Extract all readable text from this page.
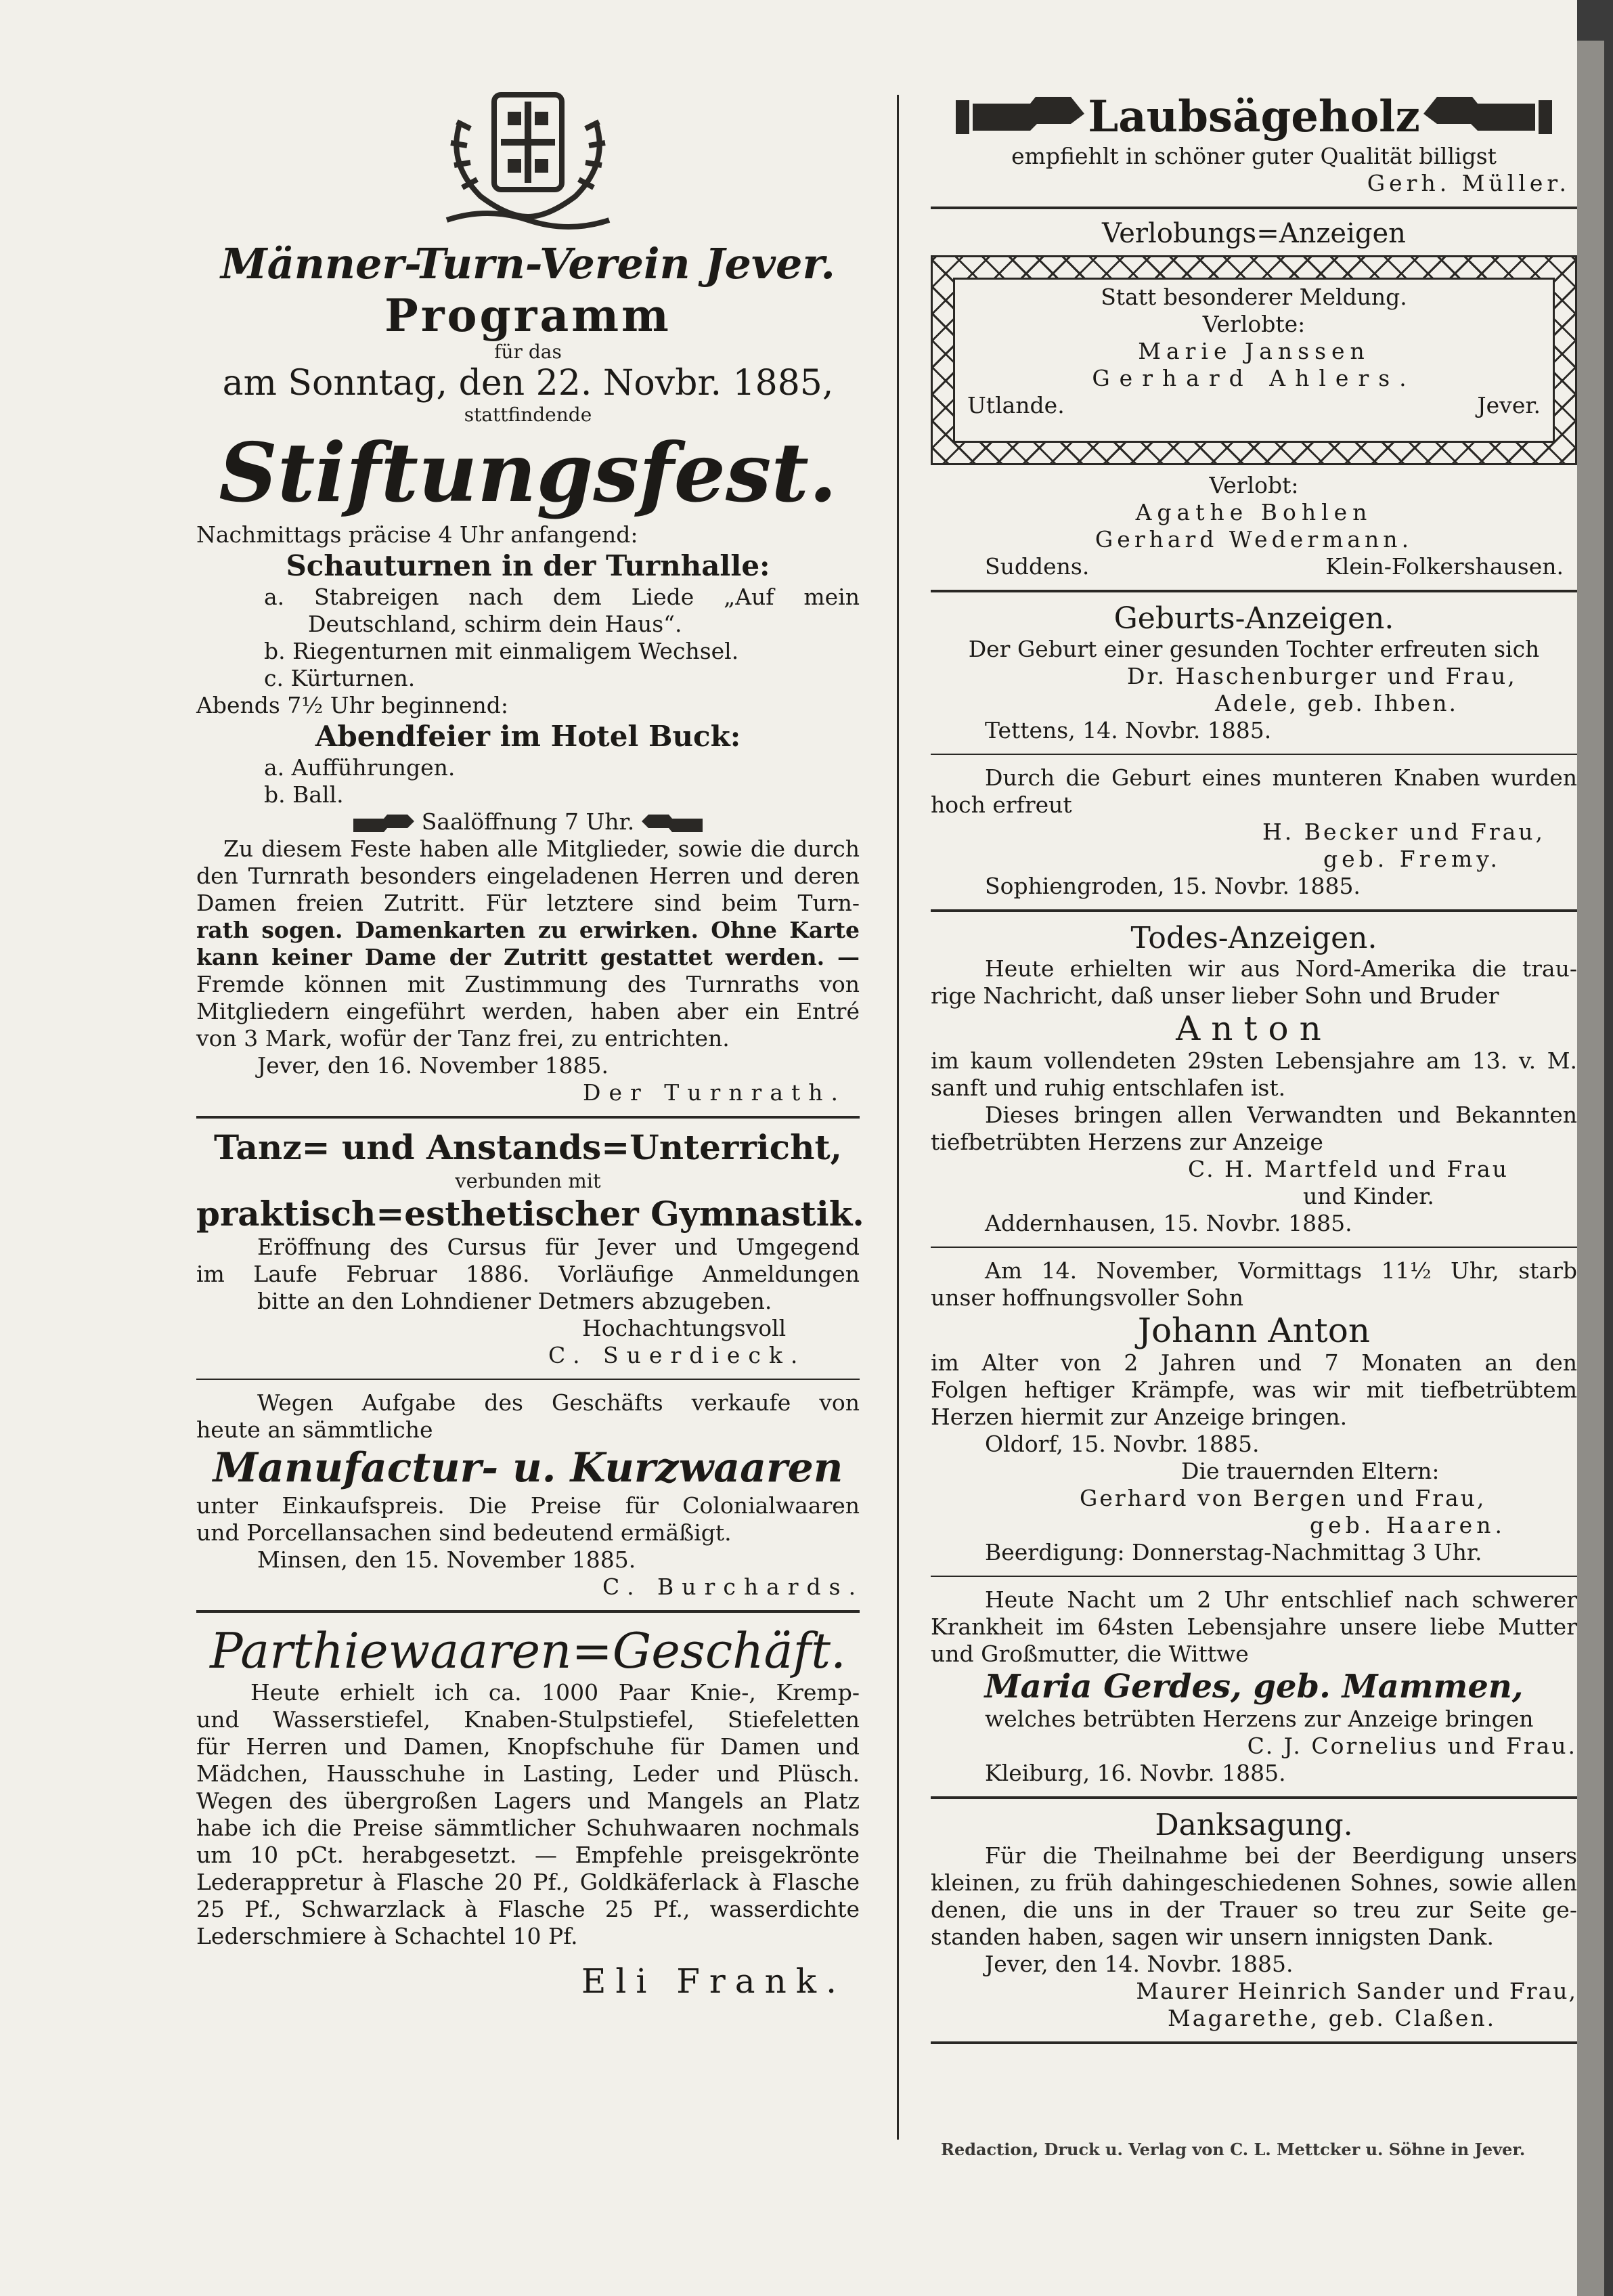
Männer-Turn-Verein Jever.
Programm
für das
am Sonntag, den 22. Novbr. 1885,
stattfindende
Stiftungsfest.
Nachmittags präcise 4 Uhr anfangend:
Schauturnen in der Turnhalle:
a. Stabreigen nach dem Liede „Auf mein
Deutschland, schirm dein Haus“.
b. Riegenturnen mit einmaligem Wechsel.
c. Kürturnen.
Abends 7½ Uhr beginnend:
Abendfeier im Hotel Buck:
a. Aufführungen.
b. Ball.
Saalöffnung 7 Uhr.
Zu diesem Feste haben alle Mitglieder, sowie die durch
den Turnrath besonders eingeladenen Herren und deren
Damen freien Zutritt. Für letztere sind beim Turn-
rath sogen. Damenkarten zu erwirken. Ohne Karte
kann keiner Dame der Zutritt gestattet werden. —
Fremde können mit Zustimmung des Turnraths von
Mitgliedern eingeführt werden, haben aber ein Entré
von 3 Mark, wofür der Tanz frei, zu entrichten.
Jever, den 16. November 1885.
Der Turnrath.
Tanz= und Anstands=Unterricht,
verbunden mit
praktisch=esthetischer Gymnastik.
Eröffnung des Cursus für Jever und Umgegend
im Laufe Februar 1886. Vorläufige Anmeldungen
bitte an den Lohndiener Detmers abzugeben.
Hochachtungsvoll
C. Suerdieck.
Wegen Aufgabe des Geschäfts verkaufe von
heute an sämmtliche
Manufactur- u. Kurzwaaren
unter Einkaufspreis. Die Preise für Colonialwaaren
und Porcellansachen sind bedeutend ermäßigt.
Minsen, den 15. November 1885.
C. Burchards.
Parthiewaaren=Geschäft.
Heute erhielt ich ca. 1000 Paar Knie-, Kremp-
und Wasserstiefel, Knaben-Stulpstiefel, Stiefeletten
für Herren und Damen, Knopfschuhe für Damen und
Mädchen, Hausschuhe in Lasting, Leder und Plüsch.
Wegen des übergroßen Lagers und Mangels an Platz
habe ich die Preise sämmtlicher Schuhwaaren nochmals
um 10 pCt. herabgesetzt. — Empfehle preisgekrönte
Lederappretur à Flasche 20 Pf., Goldkäferlack à Flasche
25 Pf., Schwarzlack à Flasche 25 Pf., wasserdichte
Lederschmiere à Schachtel 10 Pf.
Eli Frank.
Laubsägeholz
empfiehlt in schöner guter Qualität billigst
Gerh. Müller.
Verlobungs=Anzeigen
Statt besonderer Meldung.
Verlobte:
Marie Janssen
Gerhard Ahlers.
Utlande.	Jever.
Verlobt:
Agathe Bohlen
Gerhard Wedermann.
Suddens.	Klein-Folkershausen.
Geburts-Anzeigen.
Der Geburt einer gesunden Tochter erfreuten sich
Dr. Haschenburger und Frau,
Adele, geb. Ihben.
Tettens, 14. Novbr. 1885.
Durch die Geburt eines munteren Knaben wurden
hoch erfreut
H. Becker und Frau,
geb. Fremy.
Sophiengroden, 15. Novbr. 1885.
Todes-Anzeigen.
Heute erhielten wir aus Nord-Amerika die trau-
rige Nachricht, daß unser lieber Sohn und Bruder
Anton
im kaum vollendeten 29sten Lebensjahre am 13. v. M.
sanft und ruhig entschlafen ist.
Dieses bringen allen Verwandten und Bekannten
tiefbetrübten Herzens zur Anzeige
C. H. Martfeld und Frau
und Kinder.
Addernhausen, 15. Novbr. 1885.
Am 14. November, Vormittags 11½ Uhr, starb
unser hoffnungsvoller Sohn
Johann Anton
im Alter von 2 Jahren und 7 Monaten an den
Folgen heftiger Krämpfe, was wir mit tiefbetrübtem
Herzen hiermit zur Anzeige bringen.
Oldorf, 15. Novbr. 1885.
Die trauernden Eltern:
Gerhard von Bergen und Frau,
geb. Haaren.
Beerdigung: Donnerstag-Nachmittag 3 Uhr.
Heute Nacht um 2 Uhr entschlief nach schwerer
Krankheit im 64sten Lebensjahre unsere liebe Mutter
und Großmutter, die Wittwe
Maria Gerdes, geb. Mammen,
welches betrübten Herzens zur Anzeige bringen
C. J. Cornelius und Frau.
Kleiburg, 16. Novbr. 1885.
Danksagung.
Für die Theilnahme bei der Beerdigung unsers
kleinen, zu früh dahingeschiedenen Sohnes, sowie allen
denen, die uns in der Trauer so treu zur Seite ge-
standen haben, sagen wir unsern innigsten Dank.
Jever, den 14. Novbr. 1885.
Maurer Heinrich Sander und Frau,
Magarethe, geb. Claßen.
Redaction, Druck u. Verlag von C. L. Mettcker u. Söhne in Jever.
